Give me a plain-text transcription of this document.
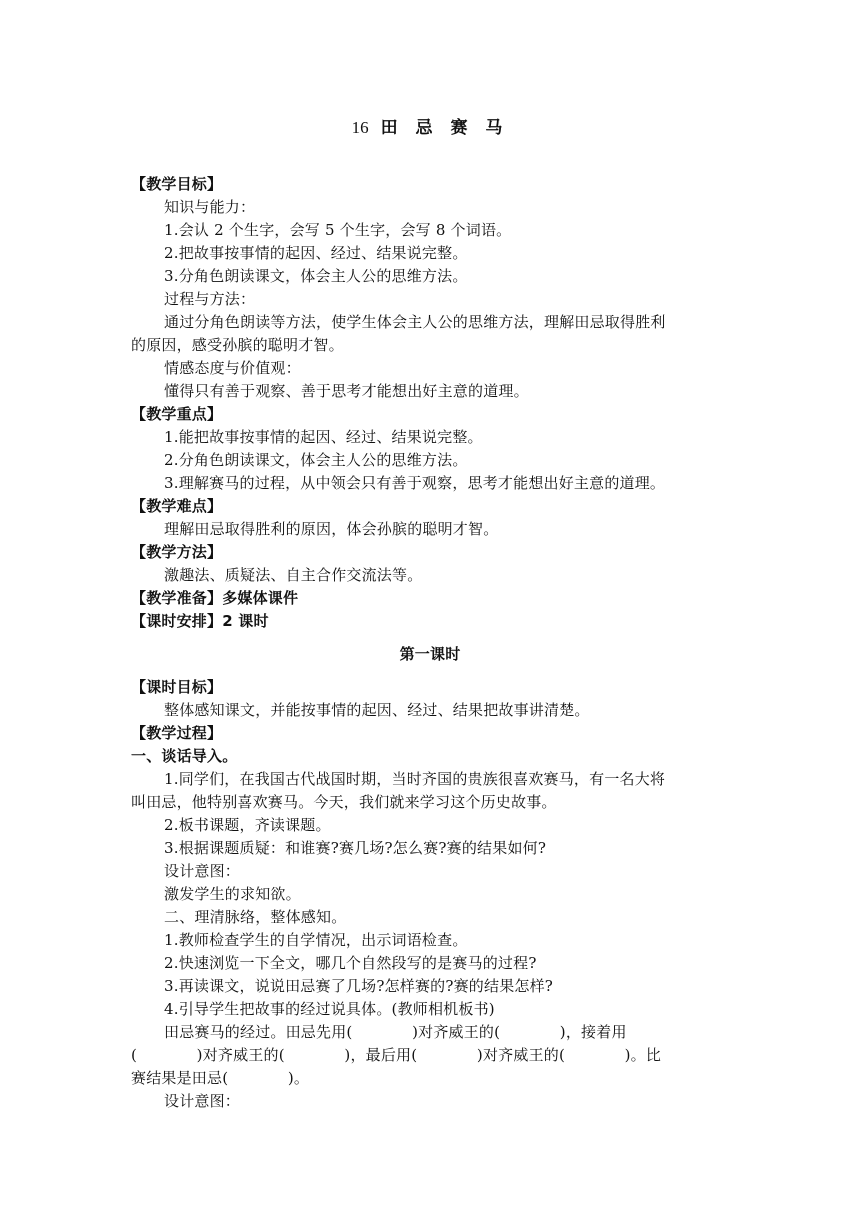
16 田 忌 赛 马
【教学目标】
知识与能力：
1.会认 2 个生字，会写 5 个生字，会写 8 个词语。
2.把故事按事情的起因、经过、结果说完整。
3.分角色朗读课文，体会主人公的思维方法。
过程与方法：
通过分角色朗读等方法，使学生体会主人公的思维方法，理解田忌取得胜利
的原因，感受孙膑的聪明才智。
情感态度与价值观：
懂得只有善于观察、善于思考才能想出好主意的道理。
【教学重点】
1.能把故事按事情的起因、经过、结果说完整。
2.分角色朗读课文，体会主人公的思维方法。
3.理解赛马的过程，从中领会只有善于观察，思考才能想出好主意的道理。
【教学难点】
理解田忌取得胜利的原因，体会孙膑的聪明才智。
【教学方法】
激趣法、质疑法、自主合作交流法等。
【教学准备】多媒体课件
【课时安排】2 课时
第一课时
【课时目标】
整体感知课文，并能按事情的起因、经过、结果把故事讲清楚。
【教学过程】
一、谈话导入。
1.同学们，在我国古代战国时期，当时齐国的贵族很喜欢赛马，有一名大将
叫田忌，他特别喜欢赛马。今天，我们就来学习这个历史故事。
2.板书课题，齐读课题。
3.根据课题质疑：和谁赛?赛几场?怎么赛?赛的结果如何?
设计意图：
激发学生的求知欲。
二、理清脉络，整体感知。
1.教师检查学生的自学情况，出示词语检查。
2.快速浏览一下全文，哪几个自然段写的是赛马的过程?
3.再读课文，说说田忌赛了几场?怎样赛的?赛的结果怎样?
4.引导学生把故事的经过说具体。(教师相机板书)
田忌赛马的经过。田忌先用(            )对齐威王的(            )，接着用
(            )对齐威王的(            )，最后用(            )对齐威王的(            )。比
赛结果是田忌(            )。
设计意图：
